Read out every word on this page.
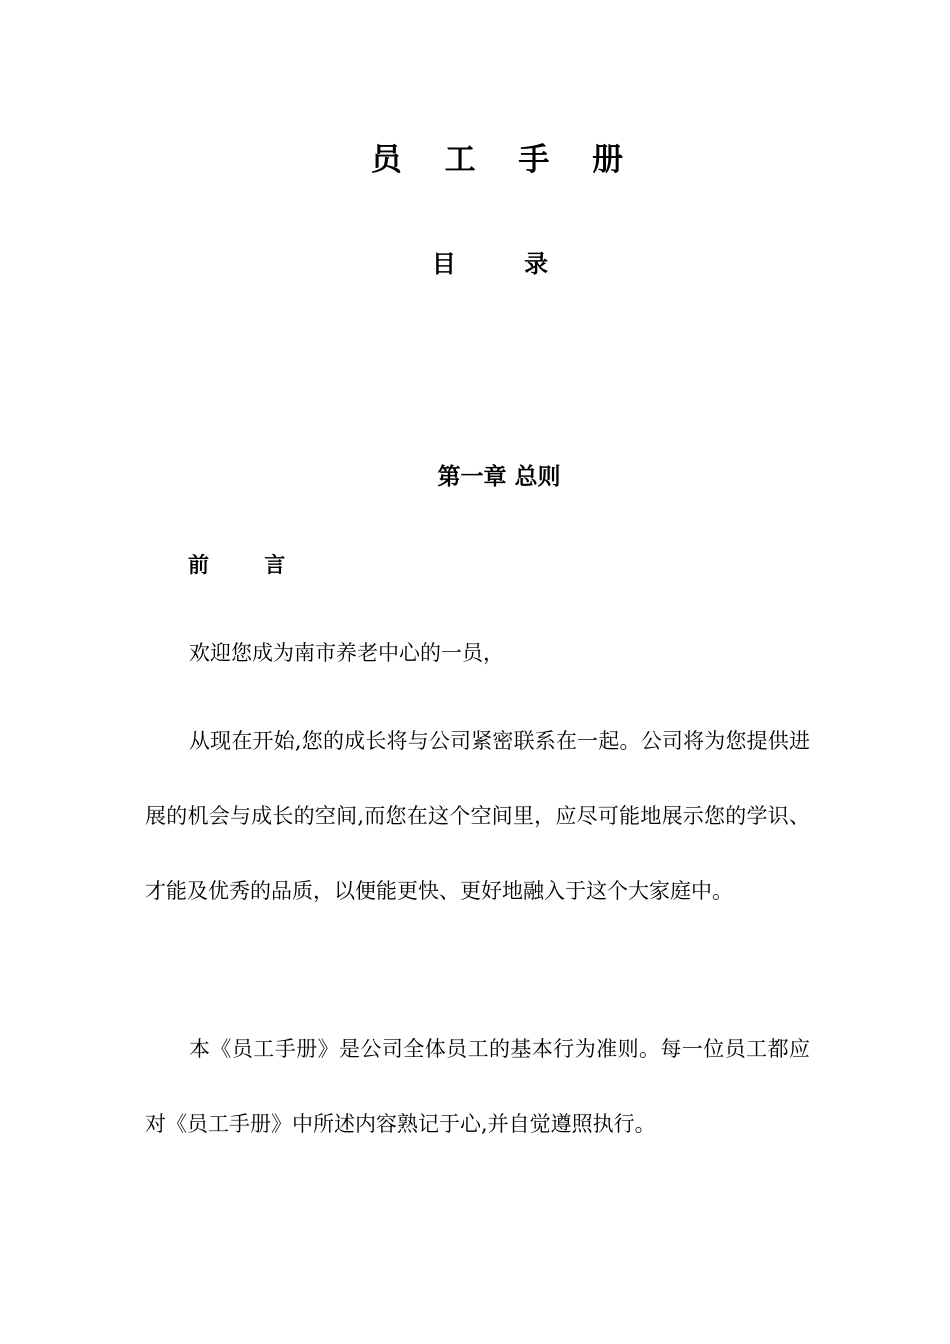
员 工 手 册
目 录
第一章 总则
前 言

欢迎您成为南市养老中心的一员，

从现在开始,您的成长将与公司紧密联系在一起。公司将为您提供进展的机会与成长的空间,而您在这个空间里，应尽可能地展示您的学识、才能及优秀的品质，以便能更快、更好地融入于这个大家庭中。

本《员工手册》是公司全体员工的基本行为准则。每一位员工都应对《员工手册》中所述内容熟记于心,并自觉遵照执行。
